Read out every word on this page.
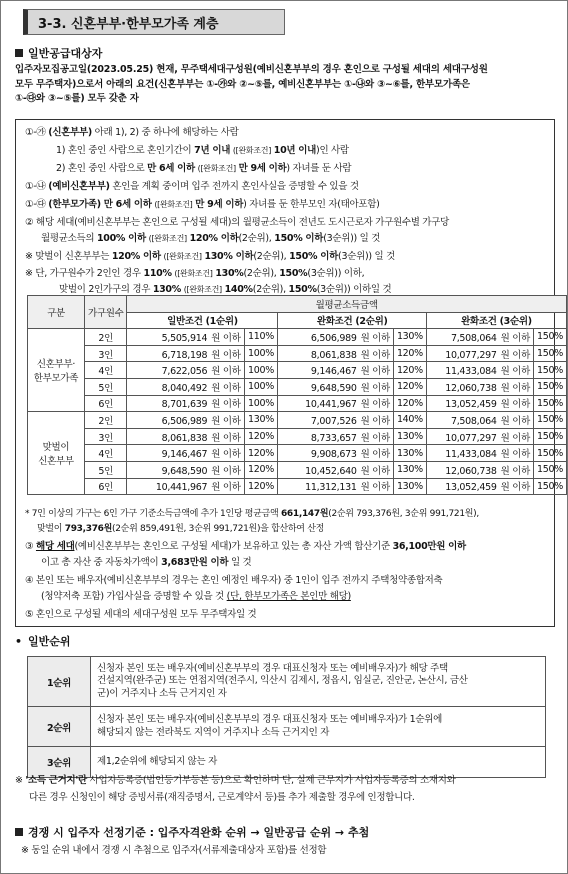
3-3. 신혼부부·한부모가족 계층
일반공급대상자
입주자모집공고일(2023.05.25) 현재, 무주택세대구성원(예비신혼부부의 경우 혼인으로 구성될 세대의 세대구성원
모두 무주택자)으로서 아래의 요건(신혼부부는 ①-㉮와 ②~⑤를, 예비신혼부부는 ①-㉯와 ③~⑥를, 한부모가족은
①-㉰와 ③~⑤를) 모두 갖춘 자
①-㉮ (신혼부부) 아래 1), 2) 중 하나에 해당하는 사람
1) 혼인 중인 사람으로 혼인기간이 7년 이내 ([완화조건] 10년 이내)인 사람
2) 혼인 중인 사람으로 만 6세 이하 ([완화조건] 만 9세 이하) 자녀를 둔 사람
①-㉯ (예비신혼부부) 혼인을 계획 중이며 입주 전까지 혼인사실을 증명할 수 있을 것
①-㉰ (한부모가족) 만 6세 이하 ([완화조건] 만 9세 이하) 자녀를 둔 한부모인 자(태아포함)
② 해당 세대(예비신혼부부는 혼인으로 구성될 세대)의 월평균소득이 전년도 도시근로자 가구원수별 가구당
월평균소득의 100% 이하 ([완화조건] 120% 이하(2순위), 150% 이하(3순위)) 일 것
※ 맞벌이 신혼부부는 120% 이하 ([완화조건] 130% 이하(2순위), 150% 이하(3순위)) 일 것
※ 단, 가구원수가 2인인 경우 110% ([완화조건] 130%(2순위), 150%(3순위)) 이하,
맞벌이 2인가구의 경우 130% ([완화조건] 140%(2순위), 150%(3순위)) 이하일 것
구분	가구원수	월평균소득금액					
		일반조건 (1순위)		완화조건 (2순위)		완화조건 (3순위)	

신혼부부·
한부모가족	2인	5,505,914 원 이하	110%	6,506,989 원 이하	130%	7,508,064 원 이하	150%
	3인	6,718,198 원 이하	100%	8,061,838 원 이하	120%	10,077,297 원 이하	150%
	4인	7,622,056 원 이하	100%	9,146,467 원 이하	120%	11,433,084 원 이하	150%
	5인	8,040,492 원 이하	100%	9,648,590 원 이하	120%	12,060,738 원 이하	150%
	6인	8,701,639 원 이하	100%	10,441,967 원 이하	120%	13,052,459 원 이하	150%

맞벌이
신혼부부	2인	6,506,989 원 이하	130%	7,007,526 원 이하	140%	7,508,064 원 이하	150%
	3인	8,061,838 원 이하	120%	8,733,657 원 이하	130%	10,077,297 원 이하	150%
	4인	9,146,467 원 이하	120%	9,908,673 원 이하	130%	11,433,084 원 이하	150%
	5인	9,648,590 원 이하	120%	10,452,640 원 이하	130%	12,060,738 원 이하	150%
	6인	10,441,967 원 이하	120%	11,312,131 원 이하	130%	13,052,459 원 이하	150%
* 7인 이상의 가구는 6인 가구 기준소득금액에 추가 1인당 평균금액 661,147원(2순위 793,376원, 3순위 991,721원),
맞벌이 793,376원(2순위 859,491원, 3순위 991,721원)을 합산하여 산정
③ 해당 세대(예비신혼부부는 혼인으로 구성될 세대)가 보유하고 있는 총 자산 가액 합산기준 36,100만원 이하
이고 총 자산 중 자동차가액이 3,683만원 이하 일 것
④ 본인 또는 배우자(예비신혼부부의 경우는 혼인 예정인 배우자) 중 1인이 입주 전까지 주택청약종합저축
(청약저축 포함) 가입사실을 증명할 수 있을 것 (단, 한부모가족은 본인만 해당)
⑤ 혼인으로 구성될 세대의 세대구성원 모두 무주택자일 것
• 일반순위
1순위	신청자 본인 또는 배우자(예비신혼부부의 경우 대표신청자 또는 예비배우자)가 해당 주택
건설지역(완주군) 또는 연접지역(전주시, 익산시 김제시, 정읍시, 임실군, 진안군, 논산시, 금산
군)이 거주지나 소득 근거지인 자

2순위	신청자 본인 또는 배우자(예비신혼부부의 경우 대표신청자 또는 예비배우자)가 1순위에
해당되지 않는 전라북도 지역이 거주지나 소득 근거지인 자

3순위	제1,2순위에 해당되지 않는 자
※ '소득 근거지'란 사업자등록증(법인등기부등본 등)으로 확인하며 단, 실제 근무지가 사업자등록증의 소재지와
다른 경우 신청인이 해당 증빙서류(재직증명서, 근로계약서 등)를 추가 제출할 경우에 인정합니다.
경쟁 시 입주자 선정기준 : 입주자격완화 순위 → 일반공급 순위 → 추첨
※ 동일 순위 내에서 경쟁 시 추첨으로 입주자(서류제출대상자 포함)를 선정함
